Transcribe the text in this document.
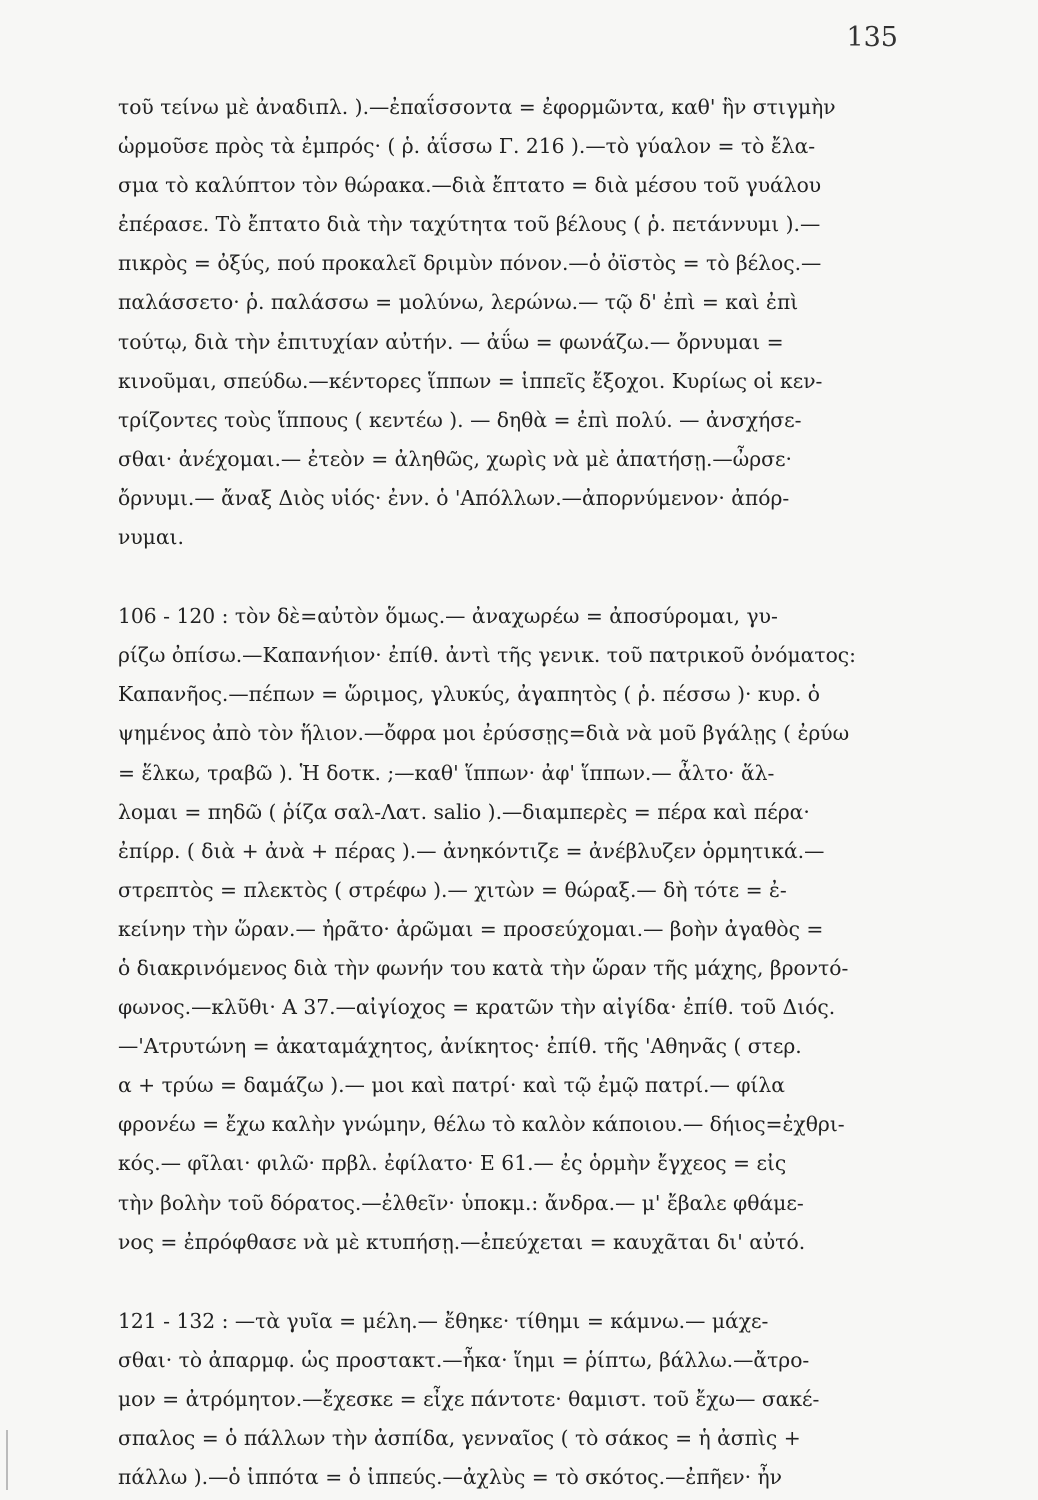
135
τοῦ τείνω μὲ ἀναδιπλ. ).—ἐπαΐσσοντα = ἐφορμῶντα, καθ' ἣν στιγμὴν
ὡρμοῦσε πρὸς τὰ ἐμπρός· ( ῥ. ἀΐσσω Γ. 216 ).—τὸ γύαλον = τὸ ἔλα-
σμα τὸ καλύπτον τὸν θώρακα.—διὰ ἔπτατο = διὰ μέσου τοῦ γυάλου
ἐπέρασε. Τὸ ἔπτατο διὰ τὴν ταχύτητα τοῦ βέλους ( ῥ. πετάννυμι ).—
πικρὸς = ὀξύς, πού προκαλεῖ δριμὺν πόνον.—ὁ ὀϊστὸς = τὸ βέλος.—
παλάσσετο· ῥ. παλάσσω = μολύνω, λερώνω.— τῷ δ' ἐπὶ = καὶ ἐπὶ
τούτῳ, διὰ τὴν ἐπιτυχίαν αὐτήν. — ἀΰω = φωνάζω.— ὄρνυμαι =
κινοῦμαι, σπεύδω.—κέντορες ἵππων = ἱππεῖς ἔξοχοι. Κυρίως οἱ κεν-
τρίζοντες τοὺς ἵππους ( κεντέω ). — δηθὰ = ἐπὶ πολύ. — ἀνσχήσε-
σθαι· ἀνέχομαι.— ἐτεὸν = ἀληθῶς, χωρὶς νὰ μὲ ἀπατήσῃ.—ὦρσε·
ὄρνυμι.— ἄναξ Διὸς υἱός· ἐνν. ὁ 'Απόλλων.—ἀπορνύμενον· ἀπόρ-
νυμαι.
106 - 120 : τὸν δὲ=αὐτὸν ὅμως.— ἀναχωρέω = ἀποσύρομαι, γυ-
ρίζω ὀπίσω.—Καπανήιον· ἐπίθ. ἀντὶ τῆς γενικ. τοῦ πατρικοῦ ὀνόματος:
Καπανῆος.—πέπων = ὥριμος, γλυκύς, ἀγαπητὸς ( ῥ. πέσσω )· κυρ. ὁ
ψημένος ἀπὸ τὸν ἥλιον.—ὄφρα μοι ἐρύσσῃς=διὰ νὰ μοῦ βγάλῃς ( ἐρύω
= ἕλκω, τραβῶ ). Ἡ δοτκ. ;—καθ' ἵππων· ἀφ' ἵππων.— ἆλτο· ἅλ-
λομαι = πηδῶ ( ῥίζα σαλ-Λατ. salio ).—διαμπερὲς = πέρα καὶ πέρα·
ἐπίρρ. ( διὰ + ἀνὰ + πέρας ).— ἀνηκόντιζε = ἀνέβλυζεν ὁρμητικά.—
στρεπτὸς = πλεκτὸς ( στρέφω ).— χιτὼν = θώραξ.— δὴ τότε = ἐ-
κείνην τὴν ὥραν.— ἠρᾶτο· ἀρῶμαι = προσεύχομαι.— βοὴν ἀγαθὸς =
ὁ διακρινόμενος διὰ τὴν φωνήν του κατὰ τὴν ὥραν τῆς μάχης, βροντό-
φωνος.—κλῦθι· Α 37.—αἰγίοχος = κρατῶν τὴν αἰγίδα· ἐπίθ. τοῦ Διός.
—'Ατρυτώνη = ἀκαταμάχητος, ἀνίκητος· ἐπίθ. τῆς 'Αθηνᾶς ( στερ.
α + τρύω = δαμάζω ).— μοι καὶ πατρί· καὶ τῷ ἐμῷ πατρί.— φίλα
φρονέω = ἔχω καλὴν γνώμην, θέλω τὸ καλὸν κάποιου.— δήιος=ἐχθρι-
κός.— φῖλαι· φιλῶ· πρβλ. ἐφίλατο· Ε 61.— ἐς ὁρμὴν ἔγχεος = εἰς
τὴν βολὴν τοῦ δόρατος.—ἐλθεῖν· ὑποκμ.: ἄνδρα.— μ' ἔβαλε φθάμε-
νος = ἐπρόφθασε νὰ μὲ κτυπήσῃ.—ἐπεύχεται = καυχᾶται δι' αὐτό.
121 - 132 : —τὰ γυῖα = μέλη.— ἔθηκε· τίθημι = κάμνω.— μάχε-
σθαι· τὸ ἀπαρμφ. ὡς προστακτ.—ἧκα· ἵημι = ῥίπτω, βάλλω.—ἄτρο-
μον = ἀτρόμητον.—ἔχεσκε = εἶχε πάντοτε· θαμιστ. τοῦ ἔχω— σακέ-
σπαλος = ὁ πάλλων τὴν ἀσπίδα, γενναῖος ( τὸ σάκος = ἡ ἀσπὶς +
πάλλω ).—ὁ ἱππότα = ὁ ἱππεύς.—ἀχλὺς = τὸ σκότος.—ἐπῆεν· ἦν
